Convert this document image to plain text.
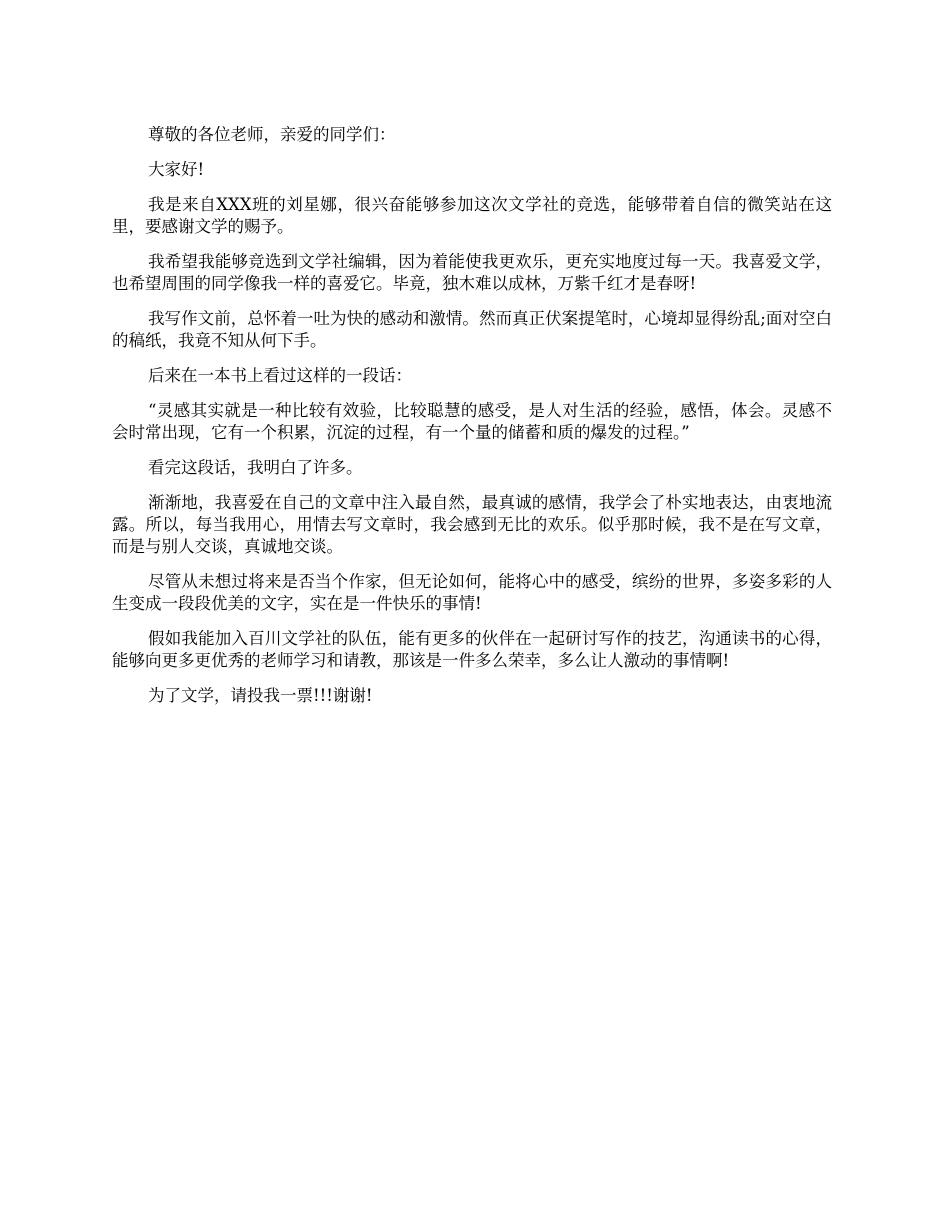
尊敬的各位老师，亲爱的同学们：

大家好!

我是来自XXX班的刘星娜，很兴奋能够参加这次文学社的竞选，能够带着自信的微笑站在这里，要感谢文学的赐予。

我希望我能够竞选到文学社编辑，因为着能使我更欢乐，更充实地度过每一天。我喜爱文学，也希望周围的同学像我一样的喜爱它。毕竟，独木难以成林，万紫千红才是春呀!

我写作文前，总怀着一吐为快的感动和激情。然而真正伏案提笔时，心境却显得纷乱;面对空白的稿纸，我竟不知从何下手。

后来在一本书上看过这样的一段话：

“灵感其实就是一种比较有效验，比较聪慧的感受，是人对生活的经验，感悟，体会。灵感不会时常出现，它有一个积累，沉淀的过程，有一个量的储蓄和质的爆发的过程。”

看完这段话，我明白了许多。

渐渐地，我喜爱在自己的文章中注入最自然，最真诚的感情，我学会了朴实地表达，由衷地流露。所以，每当我用心，用情去写文章时，我会感到无比的欢乐。似乎那时候，我不是在写文章，而是与别人交谈，真诚地交谈。

尽管从未想过将来是否当个作家，但无论如何，能将心中的感受，缤纷的世界，多姿多彩的人生变成一段段优美的文字，实在是一件快乐的事情!

假如我能加入百川文学社的队伍，能有更多的伙伴在一起研讨写作的技艺，沟通读书的心得，能够向更多更优秀的老师学习和请教，那该是一件多么荣幸，多么让人激动的事情啊!

为了文学，请投我一票!!!谢谢!
